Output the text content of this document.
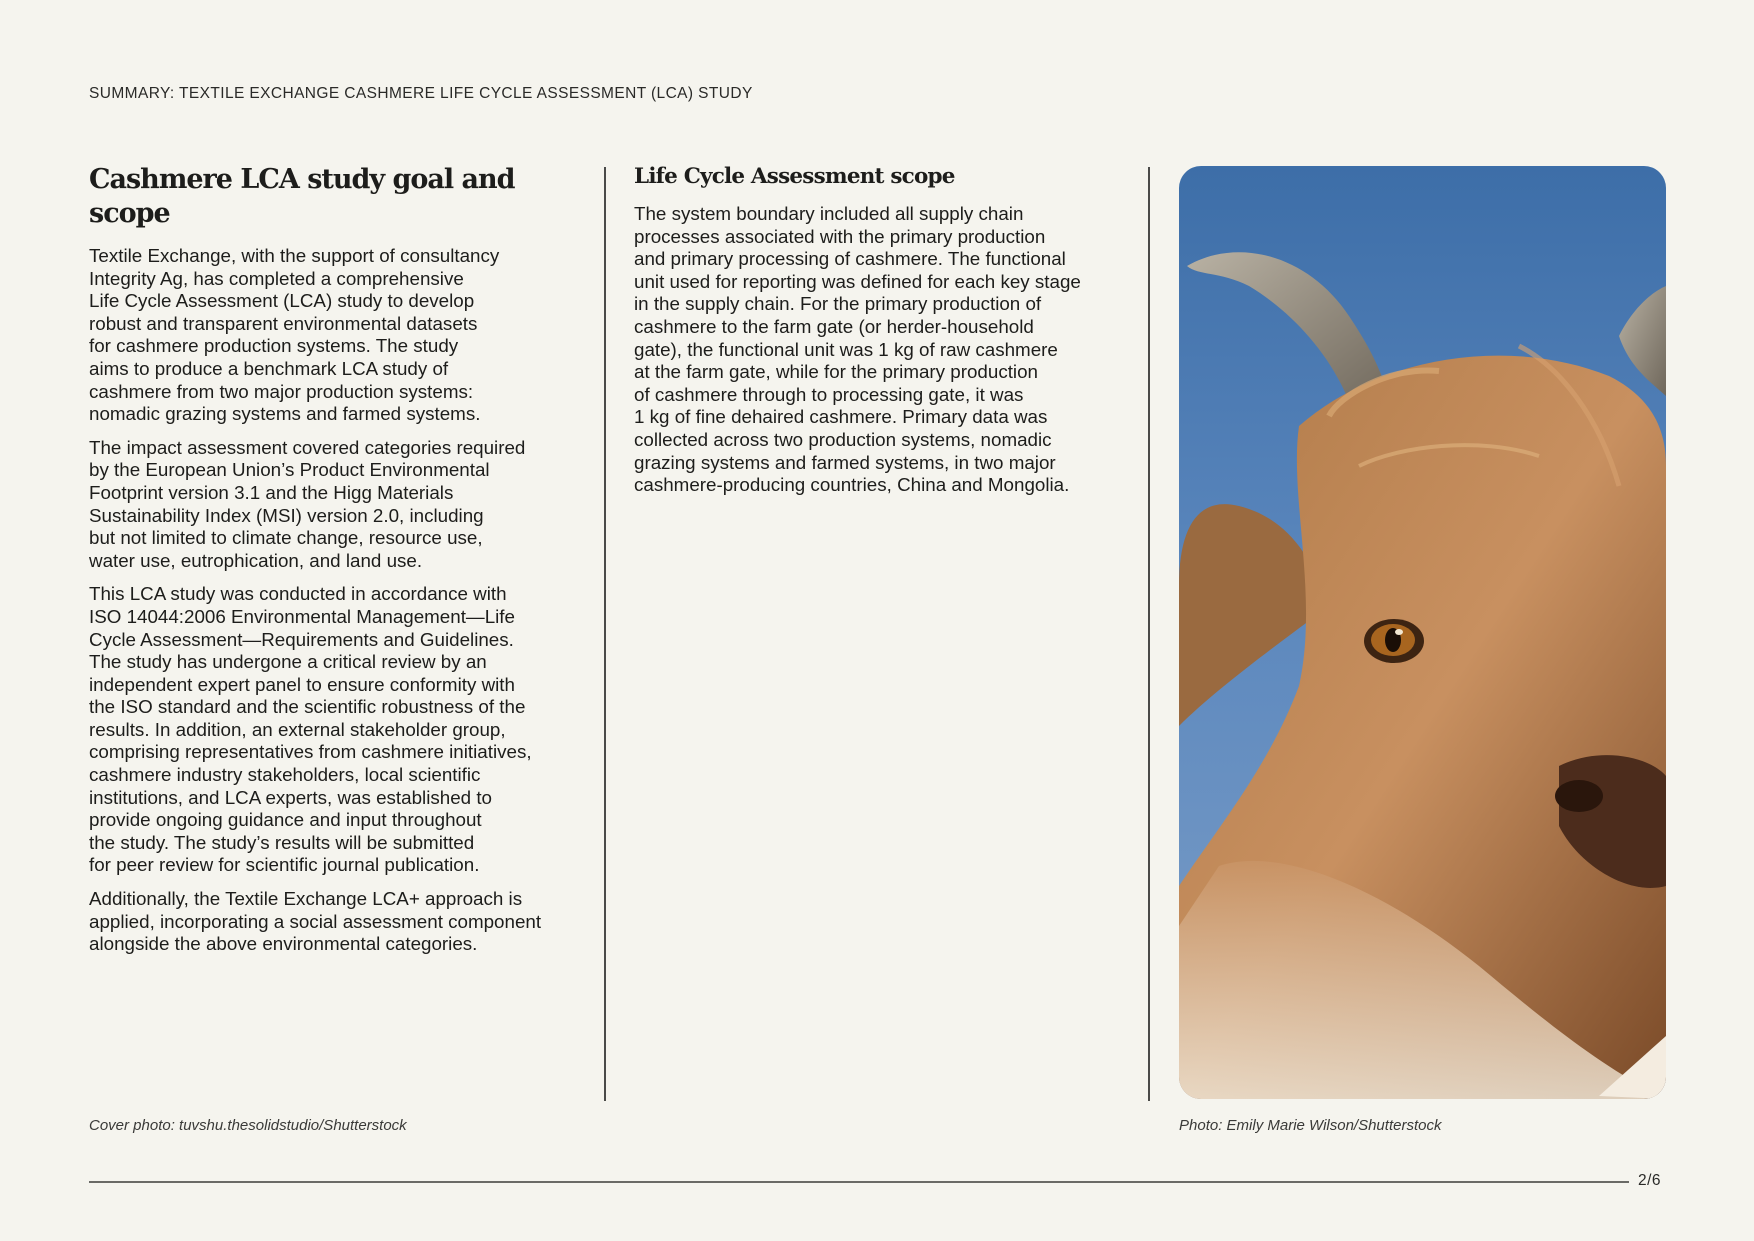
SUMMARY: TEXTILE EXCHANGE CASHMERE LIFE CYCLE ASSESSMENT (LCA) STUDY
Cashmere LCA study goal and scope

Textile Exchange, with the support of consultancy
Integrity Ag, has completed a comprehensive
Life Cycle Assessment (LCA) study to develop
robust and transparent environmental datasets
for cashmere production systems. The study
aims to produce a benchmark LCA study of
cashmere from two major production systems:
nomadic grazing systems and farmed systems.

The impact assessment covered categories required
by the European Union’s Product Environmental
Footprint version 3.1 and the Higg Materials
Sustainability Index (MSI) version 2.0, including
but not limited to climate change, resource use,
water use, eutrophication, and land use.

This LCA study was conducted in accordance with
ISO 14044:2006 Environmental Management—Life
Cycle Assessment—Requirements and Guidelines.
The study has undergone a critical review by an
independent expert panel to ensure conformity with
the ISO standard and the scientific robustness of the
results. In addition, an external stakeholder group,
comprising representatives from cashmere initiatives,
cashmere industry stakeholders, local scientific
institutions, and LCA experts, was established to
provide ongoing guidance and input throughout
the study. The study’s results will be submitted
for peer review for scientific journal publication.

Additionally, the Textile Exchange LCA+ approach is
applied, incorporating a social assessment component
alongside the above environmental categories.

Life Cycle Assessment scope

The system boundary included all supply chain
processes associated with the primary production
and primary processing of cashmere. The functional
unit used for reporting was defined for each key stage
in the supply chain. For the primary production of
cashmere to the farm gate (or herder-household
gate), the functional unit was 1 kg of raw cashmere
at the farm gate, while for the primary production
of cashmere through to processing gate, it was
1 kg of fine dehaired cashmere. Primary data was
collected across two production systems, nomadic
grazing systems and farmed systems, in two major
cashmere-producing countries, China and Mongolia.

Cover photo: tuvshu.thesolidstudio/Shutterstock	Photo: Emily Marie Wilson/Shutterstock
2/6
